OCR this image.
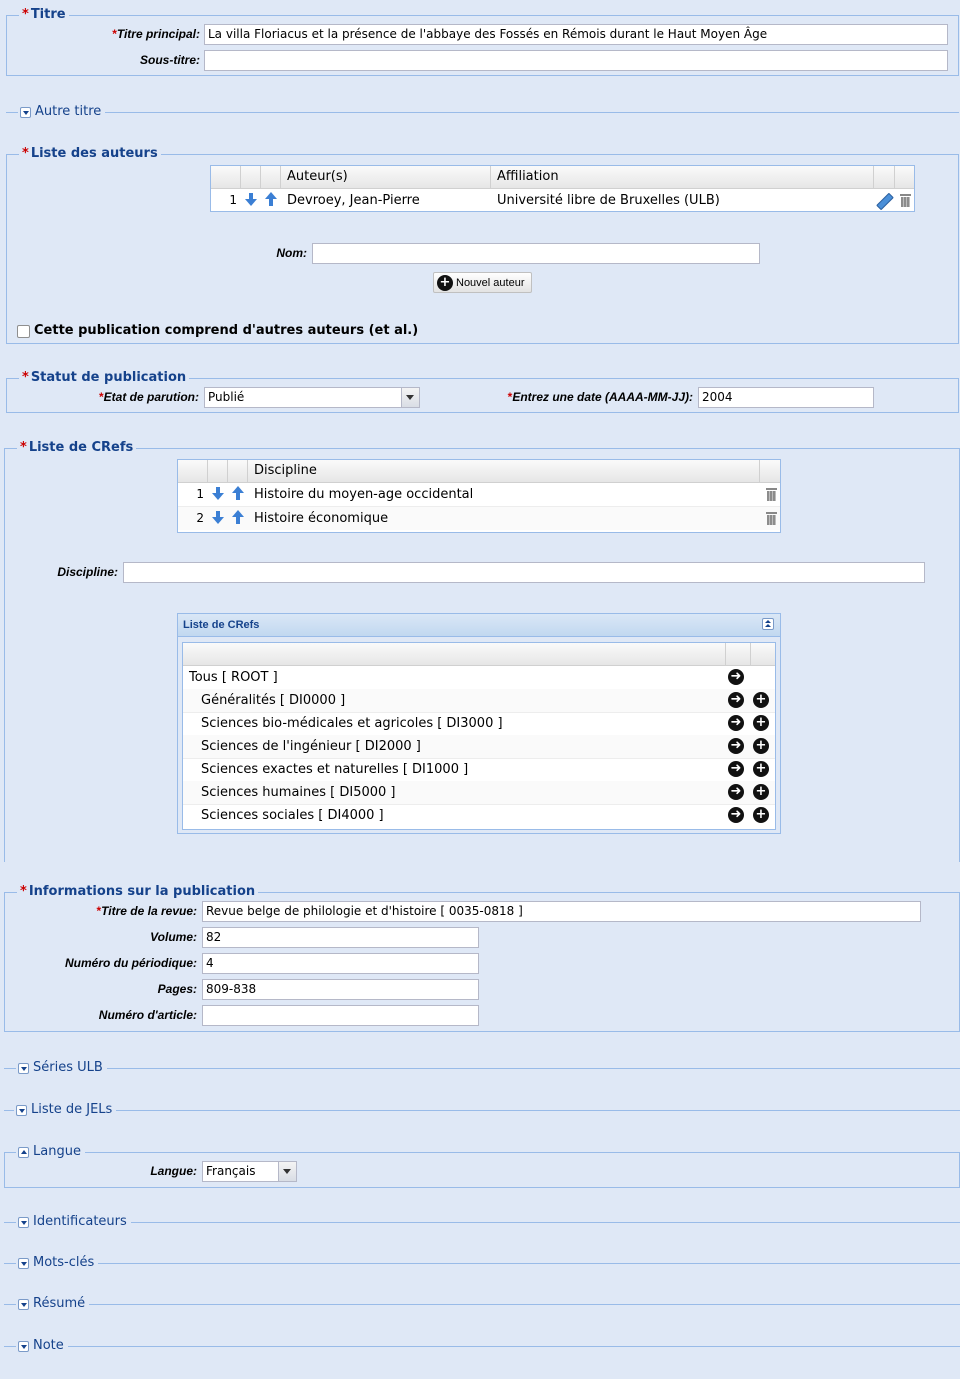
* Titre
*Titre principal: La villa Floriacus et la présence de l'abbaye des Fossés en Rémois durant le Haut Moyen Âge
Sous-titre:
Autre titre
* Liste des auteurs
Auteur(s)	Affiliation
1	Devroey, Jean-Pierre	Université libre de Bruxelles (ULB)
Nom:
+ Nouvel auteur
Cette publication comprend d'autres auteurs (et al.)
* Statut de publication
*Etat de parution: Publié	*Entrez une date (AAAA-MM-JJ): 2004
* Liste de CRefs
Discipline
1	Histoire du moyen-age occidental
2	Histoire économique
Discipline:
Liste de CRefs
Tous [ ROOT ]	➜
Généralités [ DI0000 ]	➜ +
Sciences bio-médicales et agricoles [ DI3000 ]	➜ +
Sciences de l'ingénieur [ DI2000 ]	➜ +
Sciences exactes et naturelles [ DI1000 ]	➜ +
Sciences humaines [ DI5000 ]	➜ +
Sciences sociales [ DI4000 ]	➜ +
* Informations sur la publication
*Titre de la revue: Revue belge de philologie et d'histoire [ 0035-0818 ]
Volume: 82
Numéro du périodique: 4
Pages: 809-838
Numéro d'article:
Séries ULB
Liste de JELs
Langue
Langue: Français
Identificateurs
Mots-clés
Résumé
Note
